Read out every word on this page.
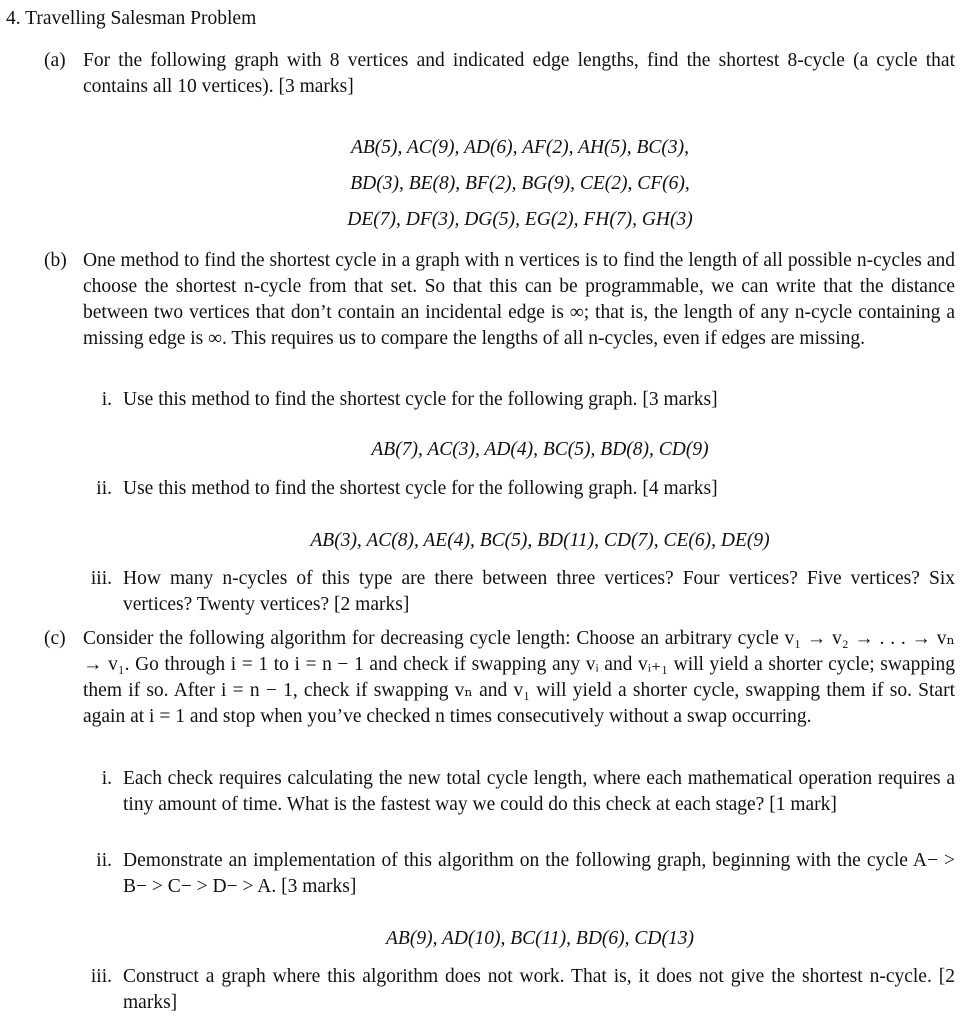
4. Travelling Salesman Problem
(a) For the following graph with 8 vertices and indicated edge lengths, find the shortest 8-cycle (a cycle that contains all 10 vertices). [3 marks]
AB(5), AC(9), AD(6), AF(2), AH(5), BC(3),
BD(3), BE(8), BF(2), BG(9), CE(2), CF(6),
DE(7), DF(3), DG(5), EG(2), FH(7), GH(3)
(b) One method to find the shortest cycle in a graph with n vertices is to find the length of all possible n-cycles and choose the shortest n-cycle from that set. So that this can be programmable, we can write that the distance between two vertices that don’t contain an incidental edge is ∞; that is, the length of any n-cycle containing a missing edge is ∞. This requires us to compare the lengths of all n-cycles, even if edges are missing.
i. Use this method to find the shortest cycle for the following graph. [3 marks]
AB(7), AC(3), AD(4), BC(5), BD(8), CD(9)
ii. Use this method to find the shortest cycle for the following graph. [4 marks]
AB(3), AC(8), AE(4), BC(5), BD(11), CD(7), CE(6), DE(9)
iii. How many n-cycles of this type are there between three vertices? Four vertices? Five vertices? Six vertices? Twenty vertices? [2 marks]
(c) Consider the following algorithm for decreasing cycle length: Choose an arbitrary cycle v₁ → v₂ → . . . → vₙ → v₁. Go through i = 1 to i = n − 1 and check if swapping any vᵢ and vᵢ₊₁ will yield a shorter cycle; swapping them if so. After i = n − 1, check if swapping vₙ and v₁ will yield a shorter cycle, swapping them if so. Start again at i = 1 and stop when you’ve checked n times consecutively without a swap occurring.
i. Each check requires calculating the new total cycle length, where each mathematical operation requires a tiny amount of time. What is the fastest way we could do this check at each stage? [1 mark]
ii. Demonstrate an implementation of this algorithm on the following graph, beginning with the cycle A− > B− > C− > D− > A. [3 marks]
AB(9), AD(10), BC(11), BD(6), CD(13)
iii. Construct a graph where this algorithm does not work. That is, it does not give the shortest n-cycle. [2 marks]
